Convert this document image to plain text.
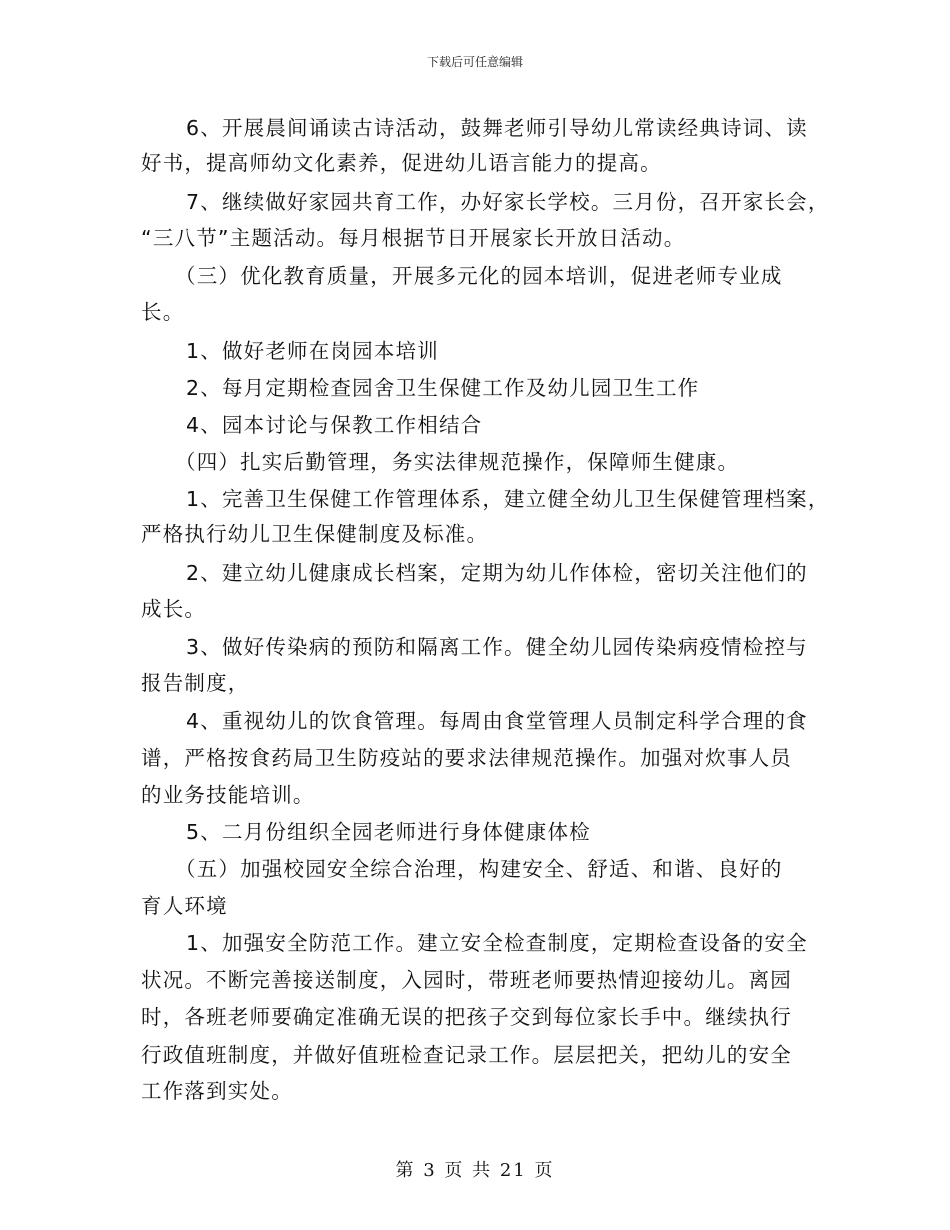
下载后可任意编辑
6、开展晨间诵读古诗活动，鼓舞老师引导幼儿常读经典诗词、读
好书，提高师幼文化素养，促进幼儿语言能力的提高。
7、继续做好家园共育工作，办好家长学校。三月份，召开家长会，
“三八节”主题活动。每月根据节日开展家长开放日活动。
（三）优化教育质量，开展多元化的园本培训，促进老师专业成
长。
1、做好老师在岗园本培训
2、每月定期检查园舍卫生保健工作及幼儿园卫生工作
4、园本讨论与保教工作相结合
（四）扎实后勤管理，务实法律规范操作，保障师生健康。
1、完善卫生保健工作管理体系，建立健全幼儿卫生保健管理档案，
严格执行幼儿卫生保健制度及标准。
2、建立幼儿健康成长档案，定期为幼儿作体检，密切关注他们的
成长。
3、做好传染病的预防和隔离工作。健全幼儿园传染病疫情检控与
报告制度，
4、重视幼儿的饮食管理。每周由食堂管理人员制定科学合理的食
谱，严格按食药局卫生防疫站的要求法律规范操作。加强对炊事人员
的业务技能培训。
5、二月份组织全园老师进行身体健康体检
（五）加强校园安全综合治理，构建安全、舒适、和谐、良好的
育人环境
1、加强安全防范工作。建立安全检查制度，定期检查设备的安全
状况。不断完善接送制度，入园时，带班老师要热情迎接幼儿。离园
时，各班老师要确定准确无误的把孩子交到每位家长手中。继续执行
行政值班制度，并做好值班检查记录工作。层层把关，把幼儿的安全
工作落到实处。
第 3 页 共 21 页
